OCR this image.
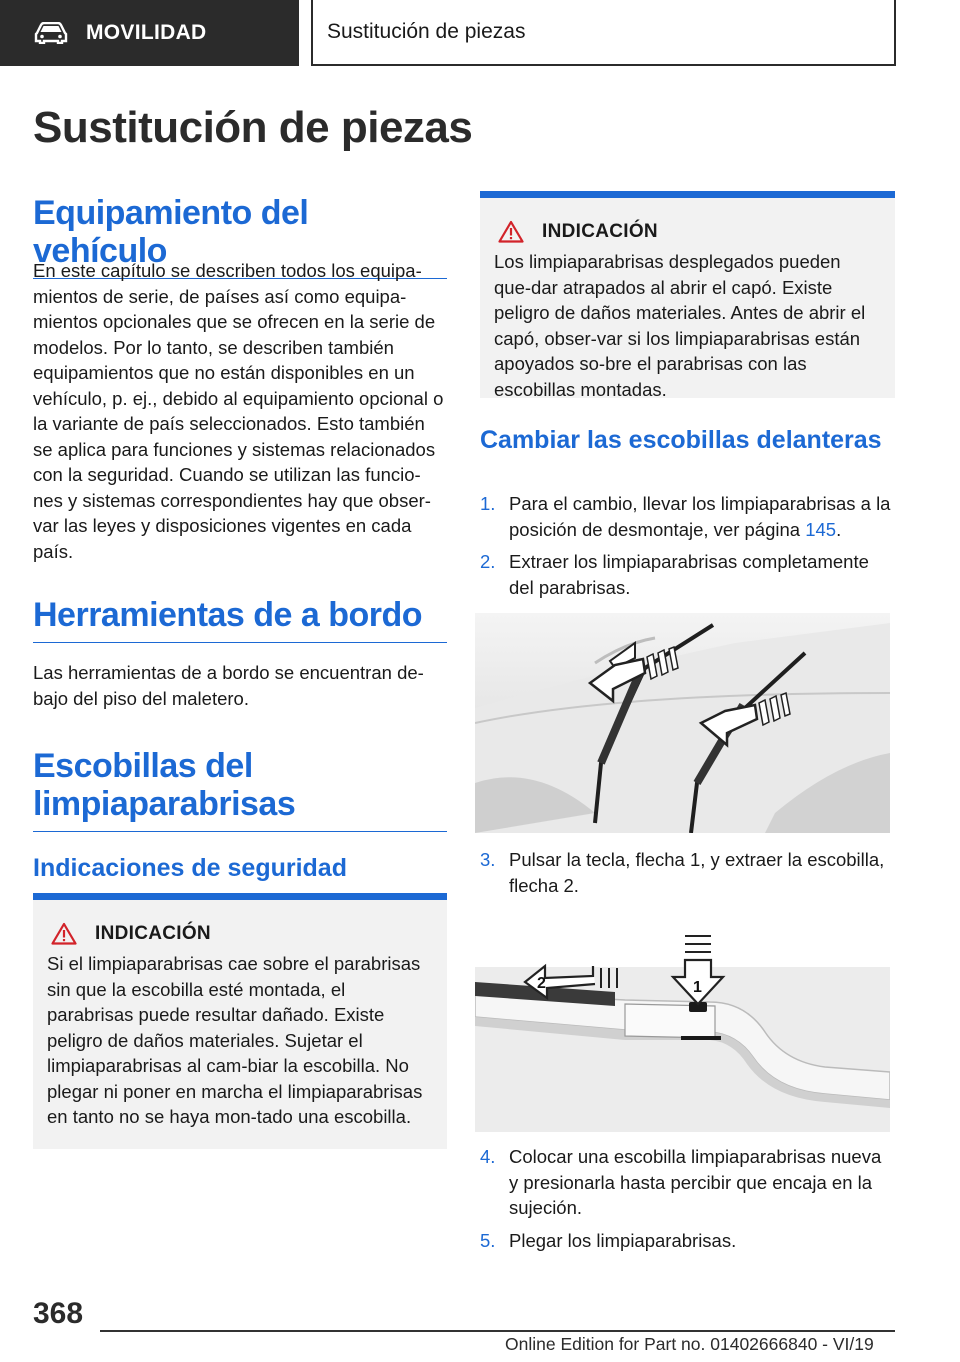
MOVILIDAD	Sustitución de piezas
Sustitución de piezas
Equipamiento del vehículo

En este capítulo se describen todos los equipa-mientos de serie, de países así como equipa-mientos opcionales que se ofrecen en la serie de modelos. Por lo tanto, se describen también equipamientos que no están disponibles en un vehículo, p. ej., debido al equipamiento opcional o la variante de país seleccionados. Esto también se aplica para funciones y sistemas relacionados con la seguridad. Cuando se utilizan las funcio-nes y sistemas correspondientes hay que obser-var las leyes y disposiciones vigentes en cada país.

Herramientas de a bordo

Las herramientas de a bordo se encuentran de-bajo del piso del maletero.

Escobillas del limpiaparabrisas
Indicaciones de seguridad
INDICACIÓN

Si el limpiaparabrisas cae sobre el parabrisas sin que la escobilla esté montada, el parabrisas puede resultar dañado. Existe peligro de daños materiales. Sujetar el limpiaparabrisas al cam-biar la escobilla. No plegar ni poner en marcha el limpiaparabrisas en tanto no se haya mon-tado una escobilla.

INDICACIÓN

Los limpiaparabrisas desplegados pueden que-dar atrapados al abrir el capó. Existe peligro de daños materiales. Antes de abrir el capó, obser-var si los limpiaparabrisas están apoyados so-bre el parabrisas con las escobillas montadas.

Cambiar las escobillas delanteras
1. Para el cambio, llevar los limpiaparabrisas a la posición de desmontaje, ver página 145.
2. Extraer los limpiaparabrisas completamente del parabrisas.
3. Pulsar la tecla, flecha 1, y extraer la escobilla, flecha 2.
1
2
4. Colocar una escobilla limpiaparabrisas nueva y presionarla hasta percibir que encaja en la sujeción.
5. Plegar los limpiaparabrisas.
368
Online Edition for Part no. 01402666840 - VI/19
